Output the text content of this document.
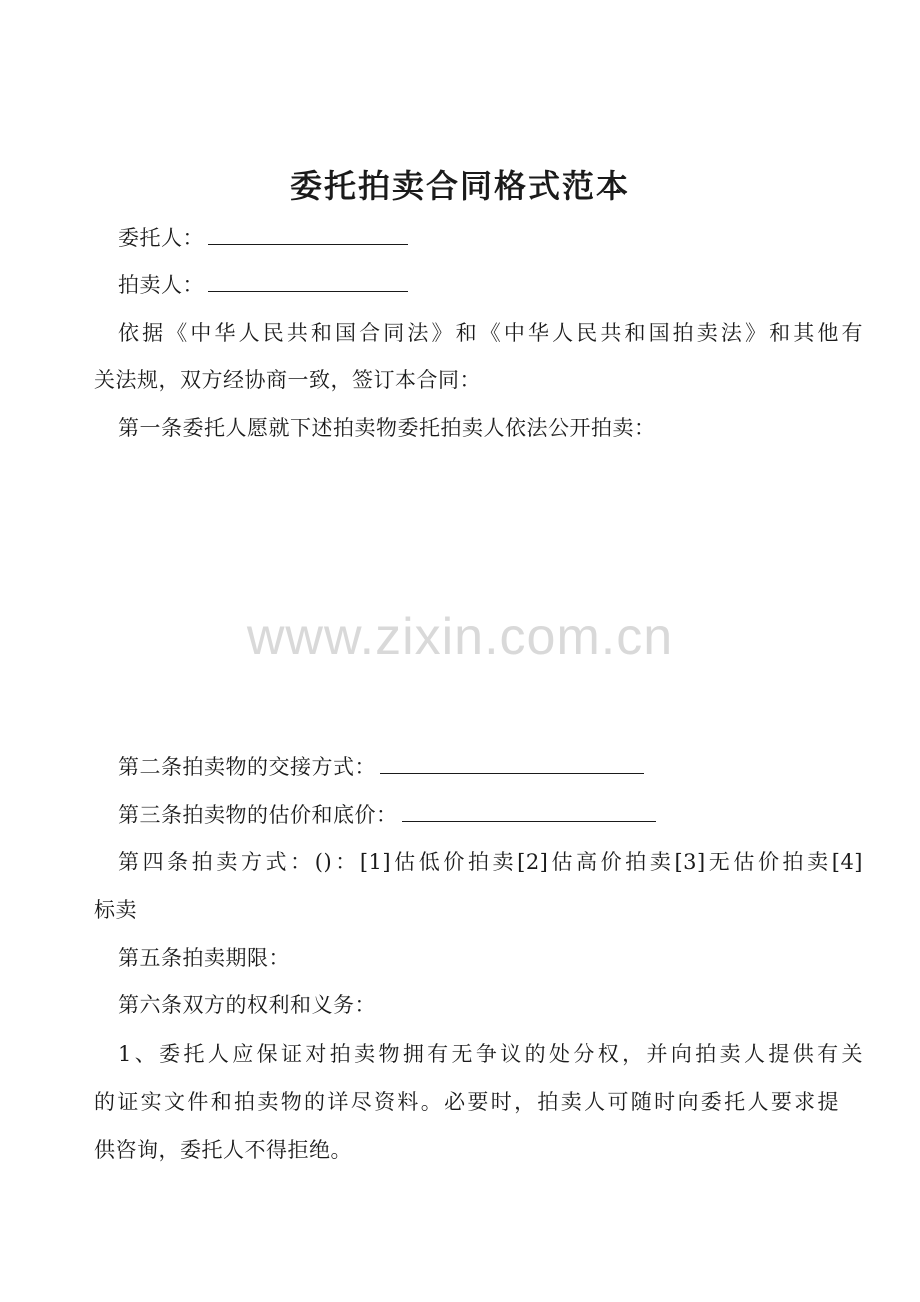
委托拍卖合同格式范本
委托人：
拍卖人：
依据《中华人民共和国合同法》和《中华人民共和国拍卖法》和其他有
关法规，双方经协商一致，签订本合同：
第一条委托人愿就下述拍卖物委托拍卖人依法公开拍卖：
www.zixin.com.cn
第二条拍卖物的交接方式：
第三条拍卖物的估价和底价：
第四条拍卖方式：()：[1]估低价拍卖[2]估高价拍卖[3]无估价拍卖[4]
标卖
第五条拍卖期限：
第六条双方的权利和义务：
1、委托人应保证对拍卖物拥有无争议的处分权，并向拍卖人提供有关
的证实文件和拍卖物的详尽资料。必要时，拍卖人可随时向委托人要求提
供咨询，委托人不得拒绝。
